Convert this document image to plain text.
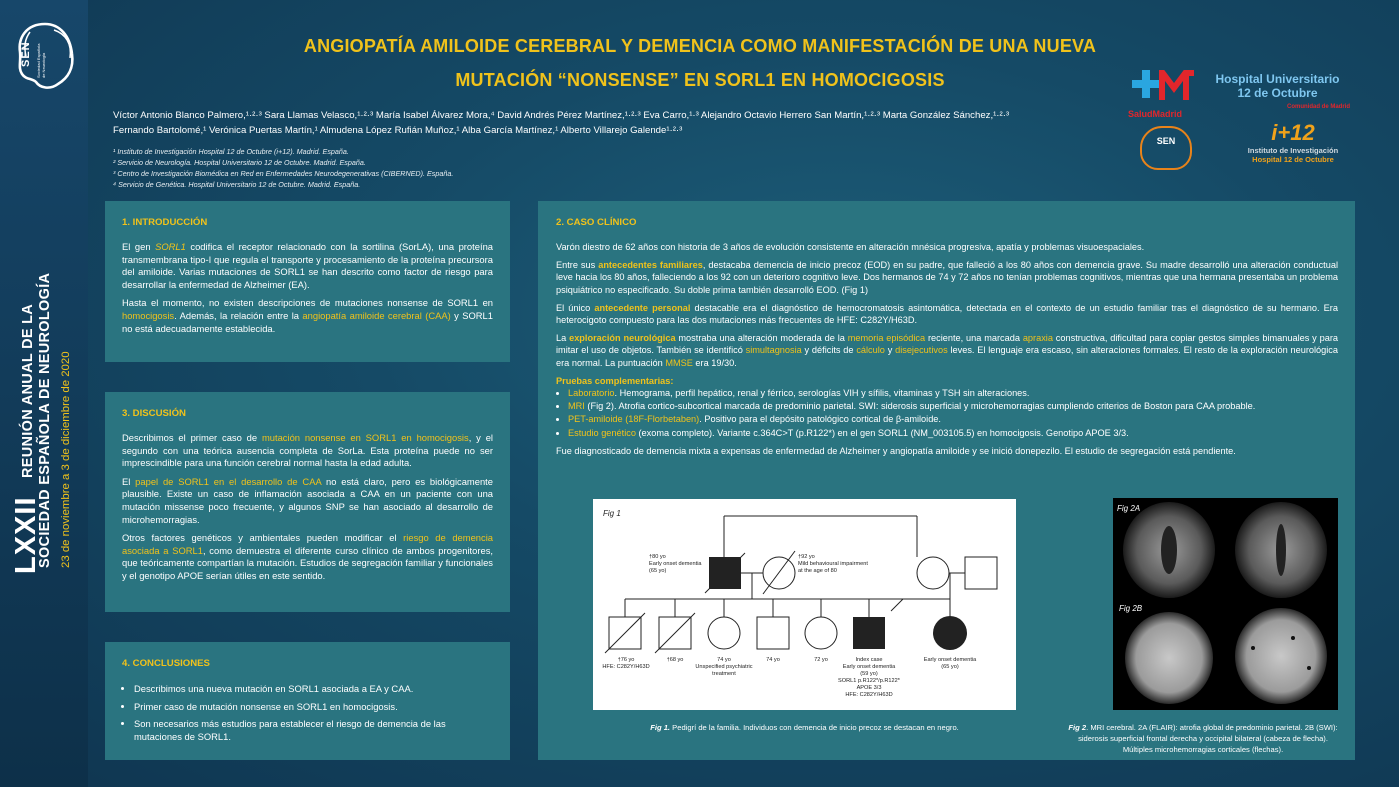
SEN Sociedad Española de Neurología
LXXII
REUNIÓN ANUAL DE LA SOCIEDAD ESPAÑOLA DE NEUROLOGÍA 23 de noviembre a 3 de diciembre de 2020
ANGIOPATÍA AMILOIDE CEREBRAL Y DEMENCIA COMO MANIFESTACIÓN DE UNA NUEVA
MUTACIÓN “NONSENSE” EN SORL1 EN HOMOCIGOSIS
Víctor Antonio Blanco Palmero,¹·²·³ Sara Llamas Velasco,¹·²·³ María Isabel Álvarez Mora,⁴ David Andrés Pérez Martínez,¹·²·³ Eva Carro,¹·³ Alejandro Octavio Herrero San Martín,¹·²·³ Marta González Sánchez,¹·²·³
Fernando Bartolomé,¹ Verónica Puertas Martín,¹ Almudena López Rufián Muñoz,¹ Alba García Martínez,¹ Alberto Villarejo Galende¹·²·³
¹ Instituto de Investigación Hospital 12 de Octubre (i+12). Madrid. España.
² Servicio de Neurología. Hospital Universitario 12 de Octubre. Madrid. España.
³ Centro de Investigación Biomédica en Red en Enfermedades Neurodegenerativas (CIBERNED). España.
⁴ Servicio de Genética. Hospital Universitario 12 de Octubre. Madrid. España.
SaludMadrid
Hospital Universitario
12 de Octubre
Comunidad de Madrid
SEN	i+12
Instituto de Investigación
Hospital 12 de Octubre
1. INTRODUCCIÓN

El gen SORL1 codifica el receptor relacionado con la sortilina (SorLA), una proteína transmembrana tipo-I que regula el transporte y procesamiento de la proteína precursora del amiloide. Varias mutaciones de SORL1 se han descrito como factor de riesgo para desarrollar la enfermedad de Alzheimer (EA).

Hasta el momento, no existen descripciones de mutaciones nonsense de SORL1 en homocigosis. Además, la relación entre la angiopatía amiloide cerebral (CAA) y SORL1 no está adecuadamente establecida.

3. DISCUSIÓN

Describimos el primer caso de mutación nonsense en SORL1 en homocigosis, y el segundo con una teórica ausencia completa de SorLa. Esta proteína puede no ser imprescindible para una función cerebral normal hasta la edad adulta.

El papel de SORL1 en el desarrollo de CAA no está claro, pero es biológicamente plausible. Existe un caso de inflamación asociada a CAA en un paciente con una mutación missense poco frecuente, y algunos SNP se han asociado al desarrollo de microhemorragias.

Otros factores genéticos y ambientales pueden modificar el riesgo de demencia asociada a SORL1, como demuestra el diferente curso clínico de ambos progenitores, que teóricamente compartían la mutación. Estudios de segregación familiar y funcionales y el genotipo APOE serían útiles en este sentido.

4. CONCLUSIONES
• Describimos una nueva mutación en SORL1 asociada a EA y CAA.
• Primer caso de mutación nonsense en SORL1 en homocigosis.
• Son necesarios más estudios para establecer el riesgo de demencia de las mutaciones de SORL1.
2. CASO CLÍNICO

Varón diestro de 62 años con historia de 3 años de evolución consistente en alteración mnésica progresiva, apatía y problemas visuoespaciales.

Entre sus antecedentes familiares, destacaba demencia de inicio precoz (EOD) en su padre, que falleció a los 80 años con demencia grave. Su madre desarrolló una alteración conductual leve hacia los 80 años, falleciendo a los 92 con un deterioro cognitivo leve. Dos hermanos de 74 y 72 años no tenían problemas cognitivos, mientras que una hermana presentaba un problema psiquiátrico no especificado. Su doble prima también desarrolló EOD. (Fig 1)

El único antecedente personal destacable era el diagnóstico de hemocromatosis asintomática, detectada en el contexto de un estudio familiar tras el diagnóstico de su hermano. Era heterocigoto compuesto para las dos mutaciones más frecuentes de HFE: C282Y/H63D.

La exploración neurológica mostraba una alteración moderada de la memoria episódica reciente, una marcada apraxia constructiva, dificultad para copiar gestos simples bimanuales y para imitar el uso de objetos. También se identificó simultagnosia y déficits de cálculo y disejecutivos leves. El lenguaje era escaso, sin alteraciones formales. El resto de la exploración neurológica era normal. La puntuación MMSE era 19/30.

Pruebas complementarias:
• Laboratorio. Hemograma, perfil hepático, renal y férrico, serologías VIH y sífilis, vitaminas y TSH sin alteraciones.
• MRI (Fig 2). Atrofia cortico-subcortical marcada de predominio parietal. SWI: siderosis superficial y microhemorragias cumpliendo criterios de Boston para CAA probable.
• PET-amiloide (18F-Florbetaben). Positivo para el depósito patológico cortical de β-amiloide.
• Estudio genético (exoma completo). Variante c.364C>T (p.R122*) en el gen SORL1 (NM_003105.5) en homocigosis. Genotipo APOE 3/3.

Fue diagnosticado de demencia mixta a expensas de enfermedad de Alzheimer y angiopatía amiloide y se inició donepezilo. El estudio de segregación está pendiente.

Fig 1
†80 yo
Early onset dementia
(65 yo)
†92 yo
Mild behavioural impairment
at the age of 80
†76 yo
HFE: C282Y/H63D
†68 yo	74 yo
Unspecified psychiatric
treatment
74 yo	72 yo	Index case
Early onset dementia
(59 yo)
SORL1 p.R122*/p.R122*
APOE 3/3
HFE: C282Y/H63D
Early onset dementia
(65 yo)
Fig 1. Pedigrí de la familia. Individuos con demencia de inicio precoz se destacan en negro.
Fig 2A
Fig 2B
Fig 2. MRI cerebral. 2A (FLAIR): atrofia global de predominio parietal. 2B (SWI): siderosis superficial frontal derecha y occipital bilateral (cabeza de flecha). Múltiples microhemorragias corticales (flechas).
